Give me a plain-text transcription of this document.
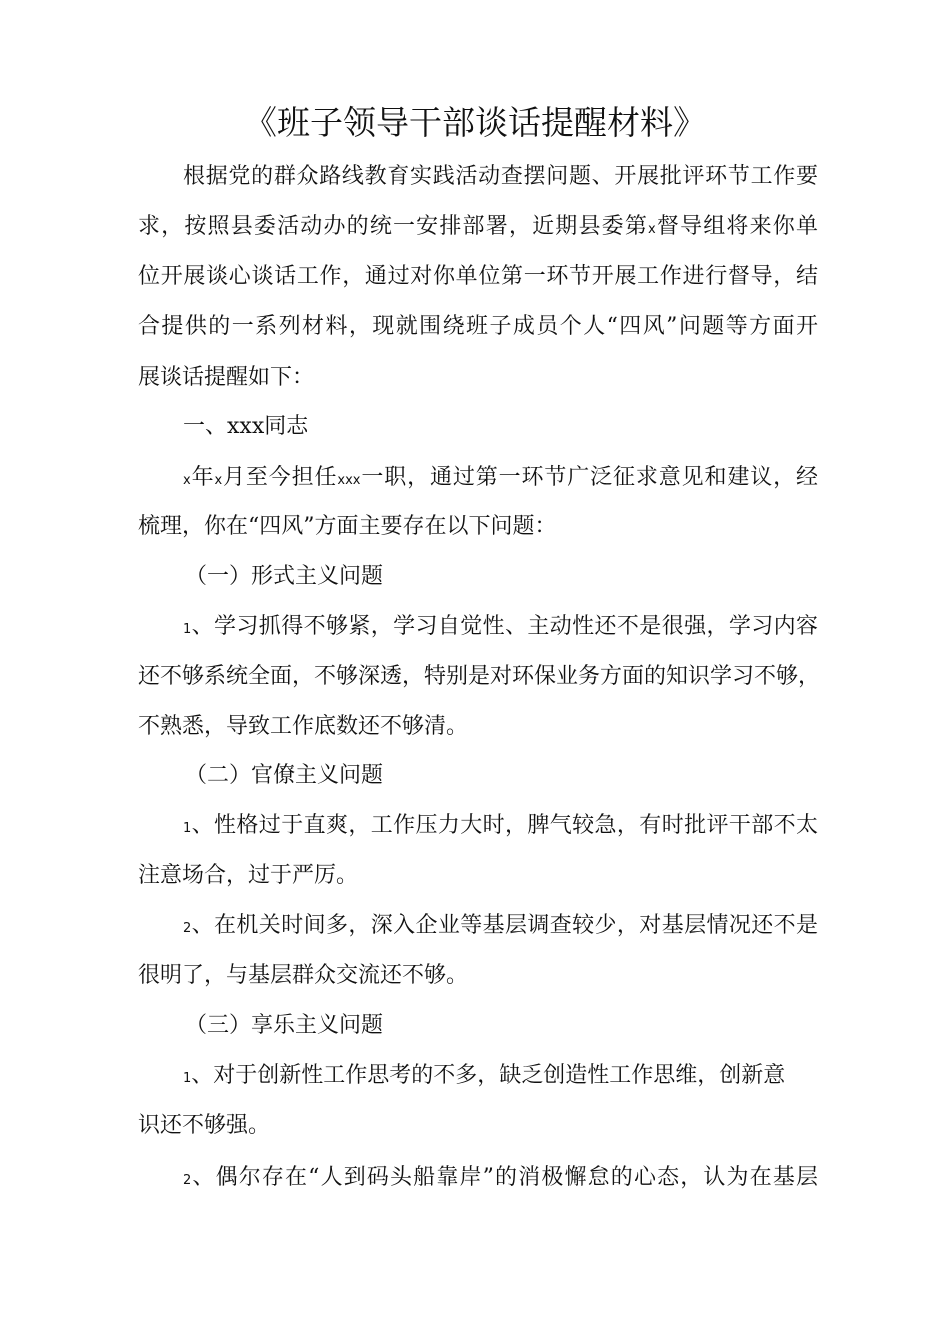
《班子领导干部谈话提醒材料》
根据党的群众路线教育实践活动查摆问题、开展批评环节工作要
求，按照县委活动办的统一安排部署，近期县委第x督导组将来你单
位开展谈心谈话工作，通过对你单位第一环节开展工作进行督导，结
合提供的一系列材料，现就围绕班子成员个人“四风”问题等方面开
展谈话提醒如下：
一、xxx同志
x年x月至今担任xxx一职，通过第一环节广泛征求意见和建议，经
梳理，你在“四风”方面主要存在以下问题：
（一）形式主义问题
1、学习抓得不够紧，学习自觉性、主动性还不是很强，学习内容
还不够系统全面，不够深透，特别是对环保业务方面的知识学习不够，
不熟悉，导致工作底数还不够清。
（二）官僚主义问题
1、性格过于直爽，工作压力大时，脾气较急，有时批评干部不太
注意场合，过于严厉。
2、在机关时间多，深入企业等基层调查较少，对基层情况还不是
很明了，与基层群众交流还不够。
（三）享乐主义问题
1、对于创新性工作思考的不多，缺乏创造性工作思维，创新意
识还不够强。
2、偶尔存在“人到码头船靠岸”的消极懈怠的心态，认为在基层
